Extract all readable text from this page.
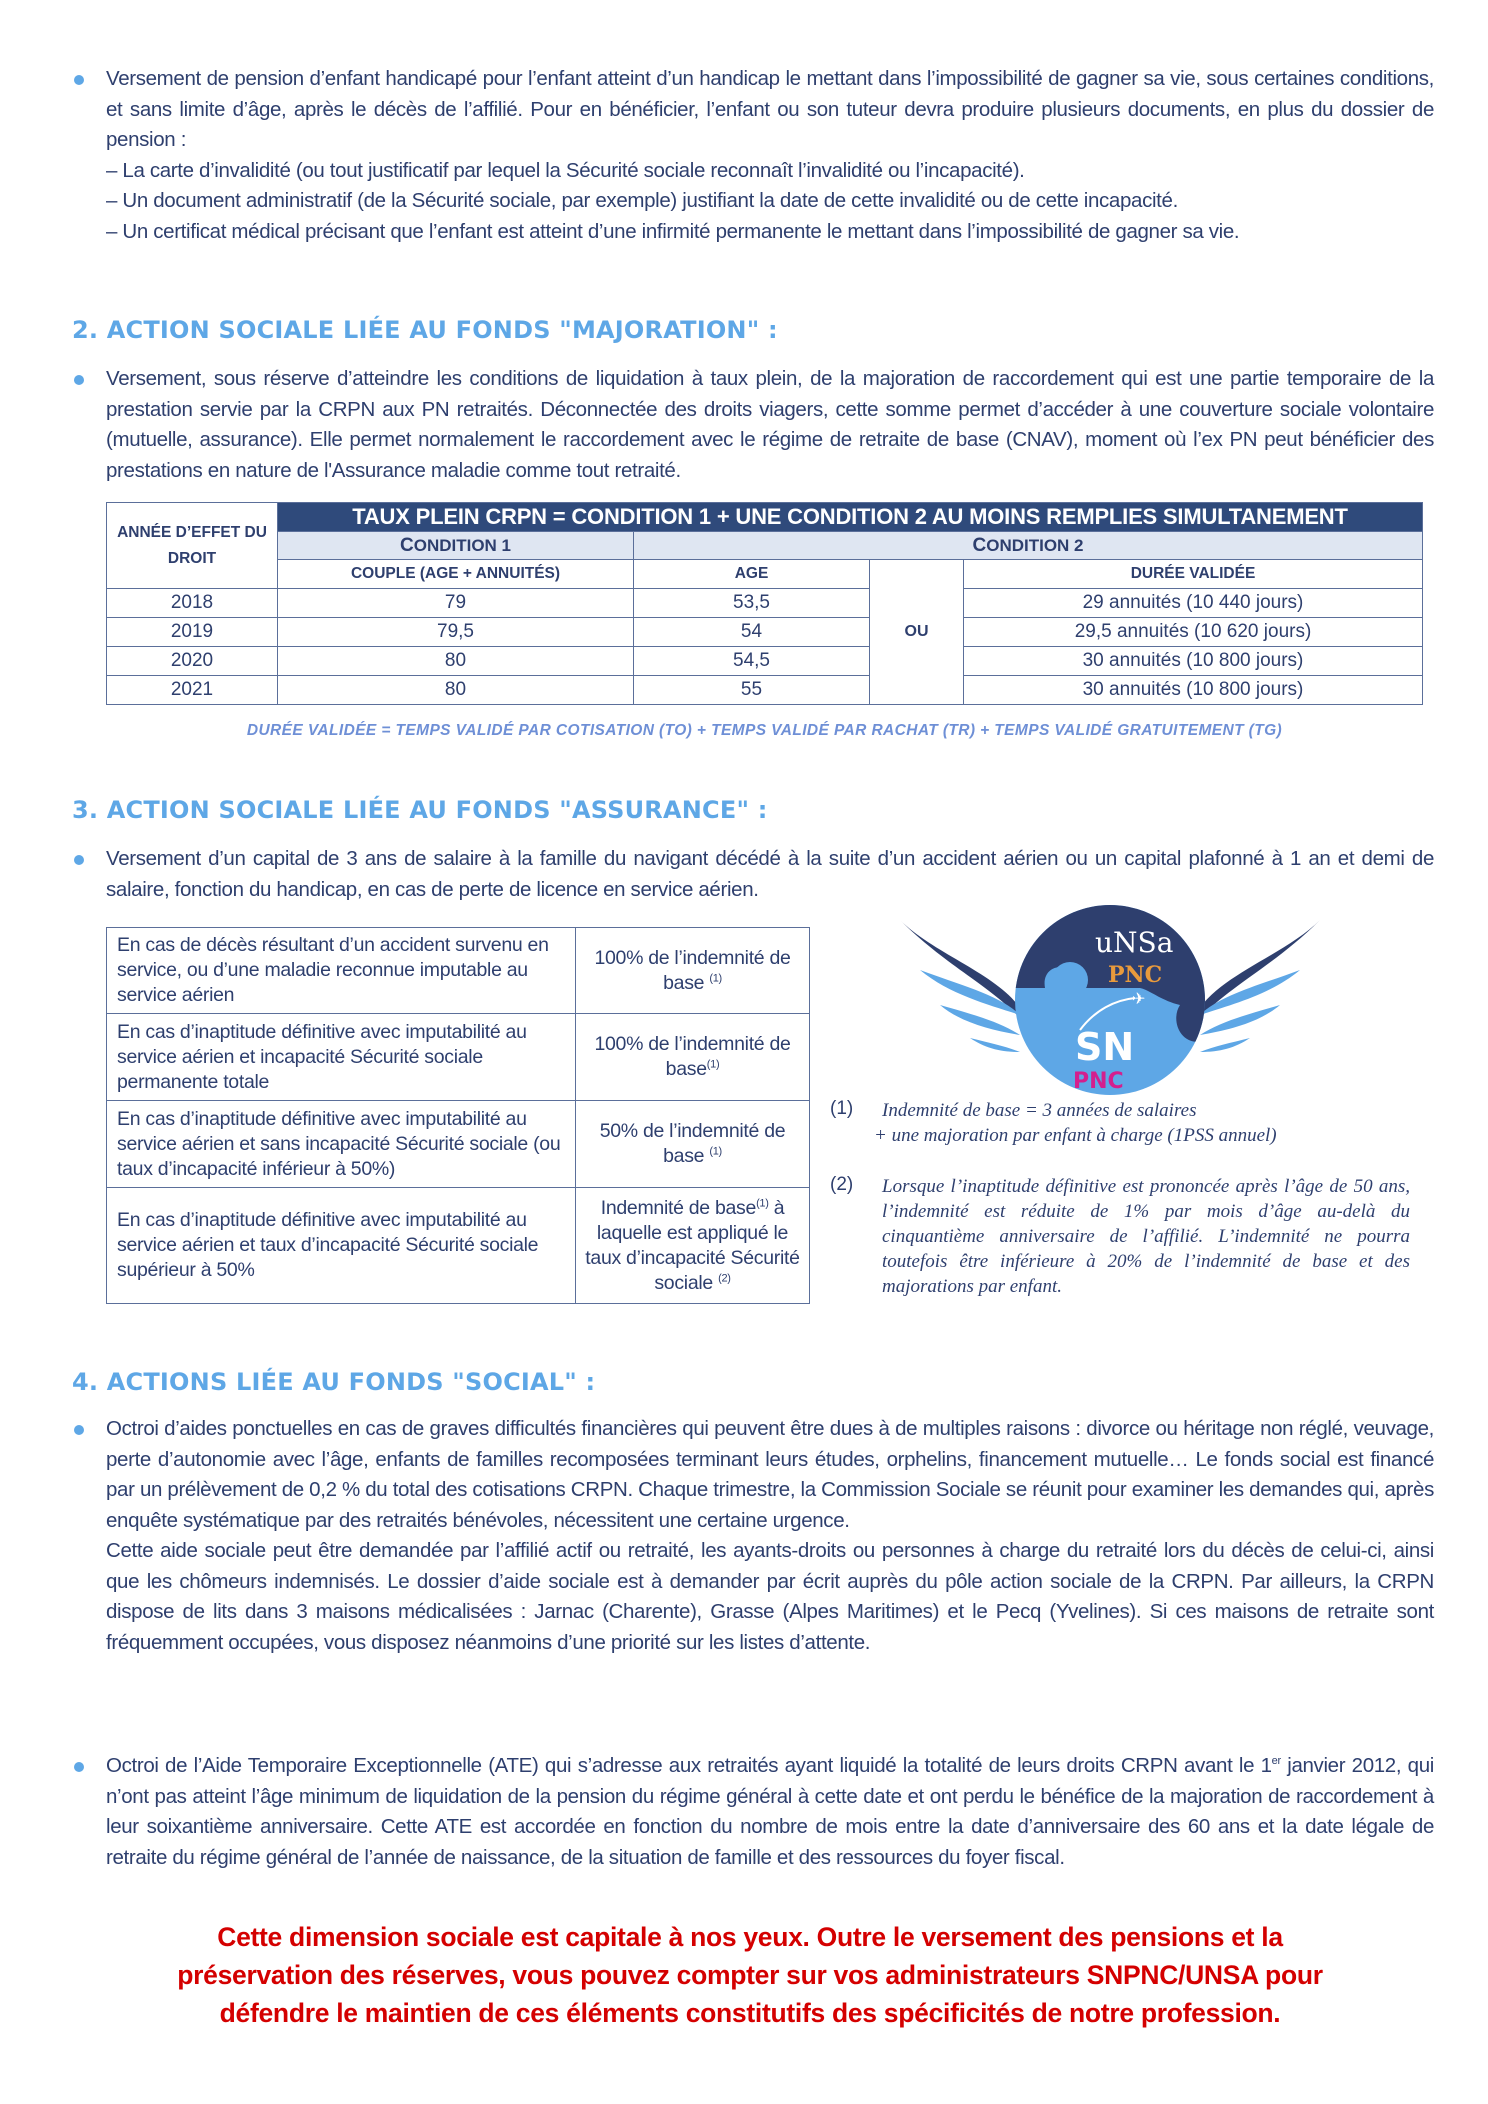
Versement de pension d’enfant handicapé pour l’enfant atteint d’un handicap le mettant dans l’impossibilité de gagner sa vie, sous certaines conditions, et sans limite d’âge, après le décès de l’affilié. Pour en bénéficier, l’enfant ou son tuteur devra produire plusieurs documents, en plus du dossier de pension :

– La carte d’invalidité (ou tout justificatif par lequel la Sécurité sociale reconnaît l’invalidité ou l’incapacité).

– Un document administratif (de la Sécurité sociale, par exemple) justifiant la date de cette invalidité ou de cette incapacité.

– Un certificat médical précisant que l’enfant est atteint d’une infirmité permanente le mettant dans l’impossibilité de gagner sa vie.

2. ACTION SOCIALE LIÉE AU FONDS "MAJORATION" :

Versement, sous réserve d’atteindre les conditions de liquidation à taux plein, de la majoration de raccordement qui est une partie temporaire de la prestation servie par la CRPN aux PN retraités. Déconnectée des droits viagers, cette somme permet d’accéder à une couverture sociale volontaire (mutuelle, assurance). Elle permet normalement le raccordement avec le régime de retraite de base (CNAV), moment où l’ex PN peut bénéficier des prestations en nature de l'Assurance maladie comme tout retraité.

ANNÉE D’EFFET DU DROIT	TAUX PLEIN CRPN = CONDITION 1 + UNE CONDITION 2 AU MOINS REMPLIES SIMULTANEMENT			
	CONDITION 1	CONDITION 2		
	COUPLE (AGE + ANNUITÉS)	AGE	OU	DURÉE VALIDÉE
2018	79	53,5		29 annuités (10 440 jours)
2019	79,5	54		29,5 annuités (10 620 jours)
2020	80	54,5		30 annuités (10 800 jours)
2021	80	55		30 annuités (10 800 jours)
DURÉE VALIDÉE = TEMPS VALIDÉ PAR COTISATION (TO) + TEMPS VALIDÉ PAR RACHAT (TR) + TEMPS VALIDÉ GRATUITEMENT (TG)
3. ACTION SOCIALE LIÉE AU FONDS "ASSURANCE" :

Versement d’un capital de 3 ans de salaire à la famille du navigant décédé à la suite d’un accident aérien ou un capital plafonné à 1 an et demi de salaire, fonction du handicap, en cas de perte de licence en service aérien.

En cas de décès résultant d’un accident survenu en service, ou d’une maladie reconnue imputable au service aérien	100% de l’indemnité de base $^{(1)}$
En cas d’inaptitude définitive avec imputabilité au service aérien et incapacité Sécurité sociale permanente totale	100% de l’indemnité de base$^{(1)}$
En cas d’inaptitude définitive avec imputabilité au service aérien et sans incapacité Sécurité sociale (ou taux d’incapacité inférieur à 50%)	50% de l’indemnité de base $^{(1)}$
En cas d’inaptitude définitive avec imputabilité au service aérien et taux d’incapacité Sécurité sociale supérieur à 50%	Indemnité de base$^{(1)}$ à laquelle est appliqué le taux d’incapacité Sécurité sociale $^{(2)}$
uNSa
PNC
SN
PNC
✈
(1) Indemnité de base = 3 années de salaires
+ une majoration par enfant à charge (1PSS annuel)
(2) Lorsque l’inaptitude définitive est prononcée après l’âge de 50 ans, l’indemnité est réduite de 1% par mois d’âge au-delà du cinquantième anniversaire de l’affilié. L’indemnité ne pourra toutefois être inférieure à 20% de l’indemnité de base et des majorations par enfant.
4. ACTIONS LIÉE AU FONDS "SOCIAL" :

Octroi d’aides ponctuelles en cas de graves difficultés financières qui peuvent être dues à de multiples raisons : divorce ou héritage non réglé, veuvage, perte d’autonomie avec l’âge, enfants de familles recomposées terminant leurs études, orphelins, financement mutuelle… Le fonds social est financé par un prélèvement de 0,2 % du total des cotisations CRPN. Chaque trimestre, la Commission Sociale se réunit pour examiner les demandes qui, après enquête systématique par des retraités bénévoles, nécessitent une certaine urgence.

Cette aide sociale peut être demandée par l’affilié actif ou retraité, les ayants-droits ou personnes à charge du retraité lors du décès de celui-ci, ainsi que les chômeurs indemnisés. Le dossier d’aide sociale est à demander par écrit auprès du pôle action sociale de la CRPN. Par ailleurs, la CRPN dispose de lits dans 3 maisons médicalisées : Jarnac (Charente), Grasse (Alpes Maritimes) et le Pecq (Yvelines). Si ces maisons de retraite sont fréquemment occupées, vous disposez néanmoins d’une priorité sur les listes d’attente.

Octroi de l’Aide Temporaire Exceptionnelle (ATE) qui s’adresse aux retraités ayant liquidé la totalité de leurs droits CRPN avant le 1er janvier 2012, qui n’ont pas atteint l’âge minimum de liquidation de la pension du régime général à cette date et ont perdu le bénéfice de la majoration de raccordement à leur soixantième anniversaire. Cette ATE est accordée en fonction du nombre de mois entre la date d’anniversaire des 60 ans et la date légale de retraite du régime général de l’année de naissance, de la situation de famille et des ressources du foyer fiscal.

Cette dimension sociale est capitale à nos yeux. Outre le versement des pensions et la
préservation des réserves, vous pouvez compter sur vos administrateurs SNPNC/UNSA pour
défendre le maintien de ces éléments constitutifs des spécificités de notre profession.
